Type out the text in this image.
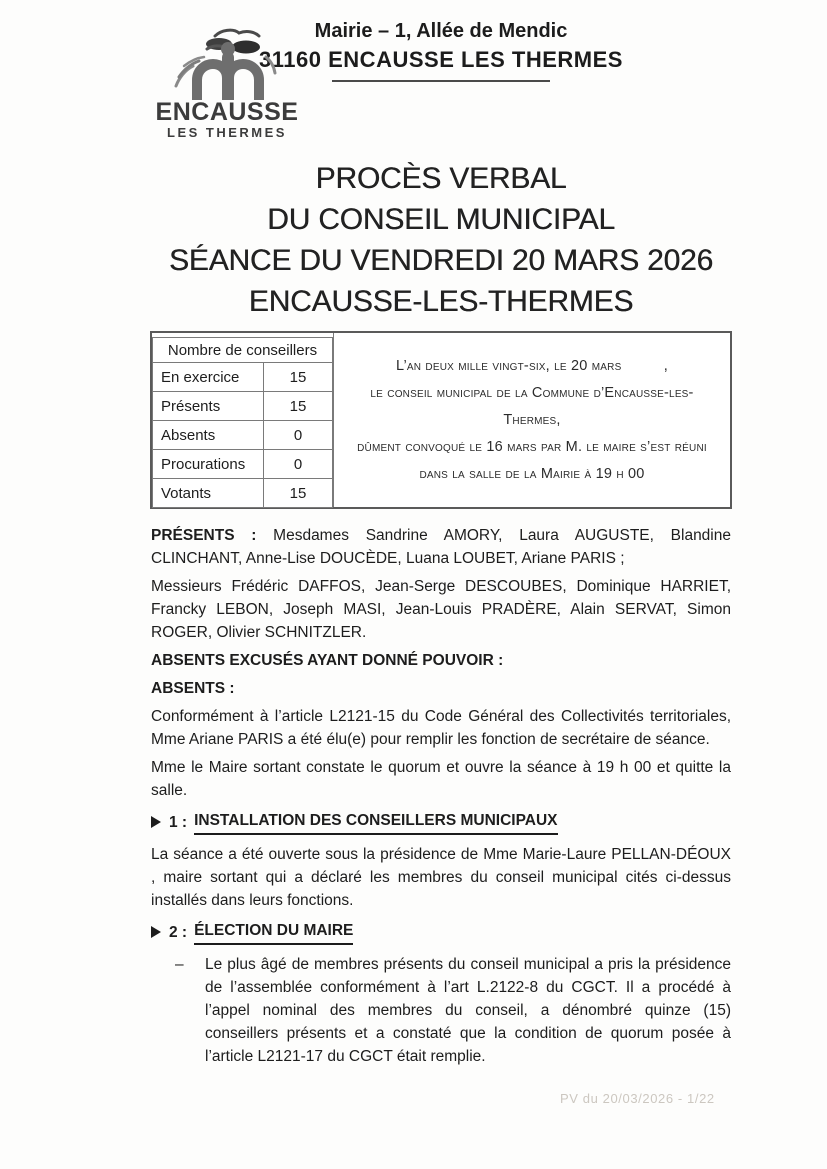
ENCAUSSE
LES THERMES
Mairie – 1, Allée de Mendic
31160 ENCAUSSE LES THERMES
PROCÈS VERBAL
DU CONSEIL MUNICIPAL
SÉANCE DU VENDREDI 20 MARS 2026
ENCAUSSE-LES-THERMES
Nombre de conseillers
En exercice	15
Présents	15
Absents	0
Procurations	0
Votants	15
L’an deux mille vingt-six, le 20 mars          ,
le conseil municipal de la Commune d’Encausse-les-Thermes,
dûment convoqué le 16 mars par M. le maire s’est réuni
dans la salle de la Mairie à 19 h 00

PRÉSENTS : Mesdames Sandrine AMORY, Laura AUGUSTE, Blandine CLINCHANT, Anne-Lise DOUCÈDE, Luana LOUBET, Ariane PARIS ;

Messieurs Frédéric DAFFOS, Jean-Serge DESCOUBES, Dominique HARRIET, Francky LEBON, Joseph MASI, Jean-Louis PRADÈRE, Alain SERVAT, Simon ROGER, Olivier SCHNITZLER.

ABSENTS EXCUSÉS AYANT DONNÉ POUVOIR :

ABSENTS :

Conformément à l’article L2121-15 du Code Général des Collectivités territoriales, Mme Ariane PARIS a été élu(e) pour remplir les fonction de secrétaire de séance.

Mme le Maire sortant constate le quorum et ouvre la séance à 19 h 00 et quitte la salle.

1 : INSTALLATION DES CONSEILLERS MUNICIPAUX

La séance a été ouverte sous la présidence de Mme Marie-Laure PELLAN-DÉOUX , maire sortant qui a déclaré les membres du conseil municipal cités ci-dessus installés dans leurs fonctions.

2 : ÉLECTION DU MAIRE
–	Le plus âgé de membres présents du conseil municipal a pris la présidence de l’assemblée conformément à l’art L.2122-8 du CGCT. Il a procédé à l’appel nominal des membres du conseil, a dénombré quinze (15) conseillers présents et a constaté que la condition de quorum posée à l’article L2121-17 du CGCT était remplie.
PV du 20/03/2026 - 1/22
